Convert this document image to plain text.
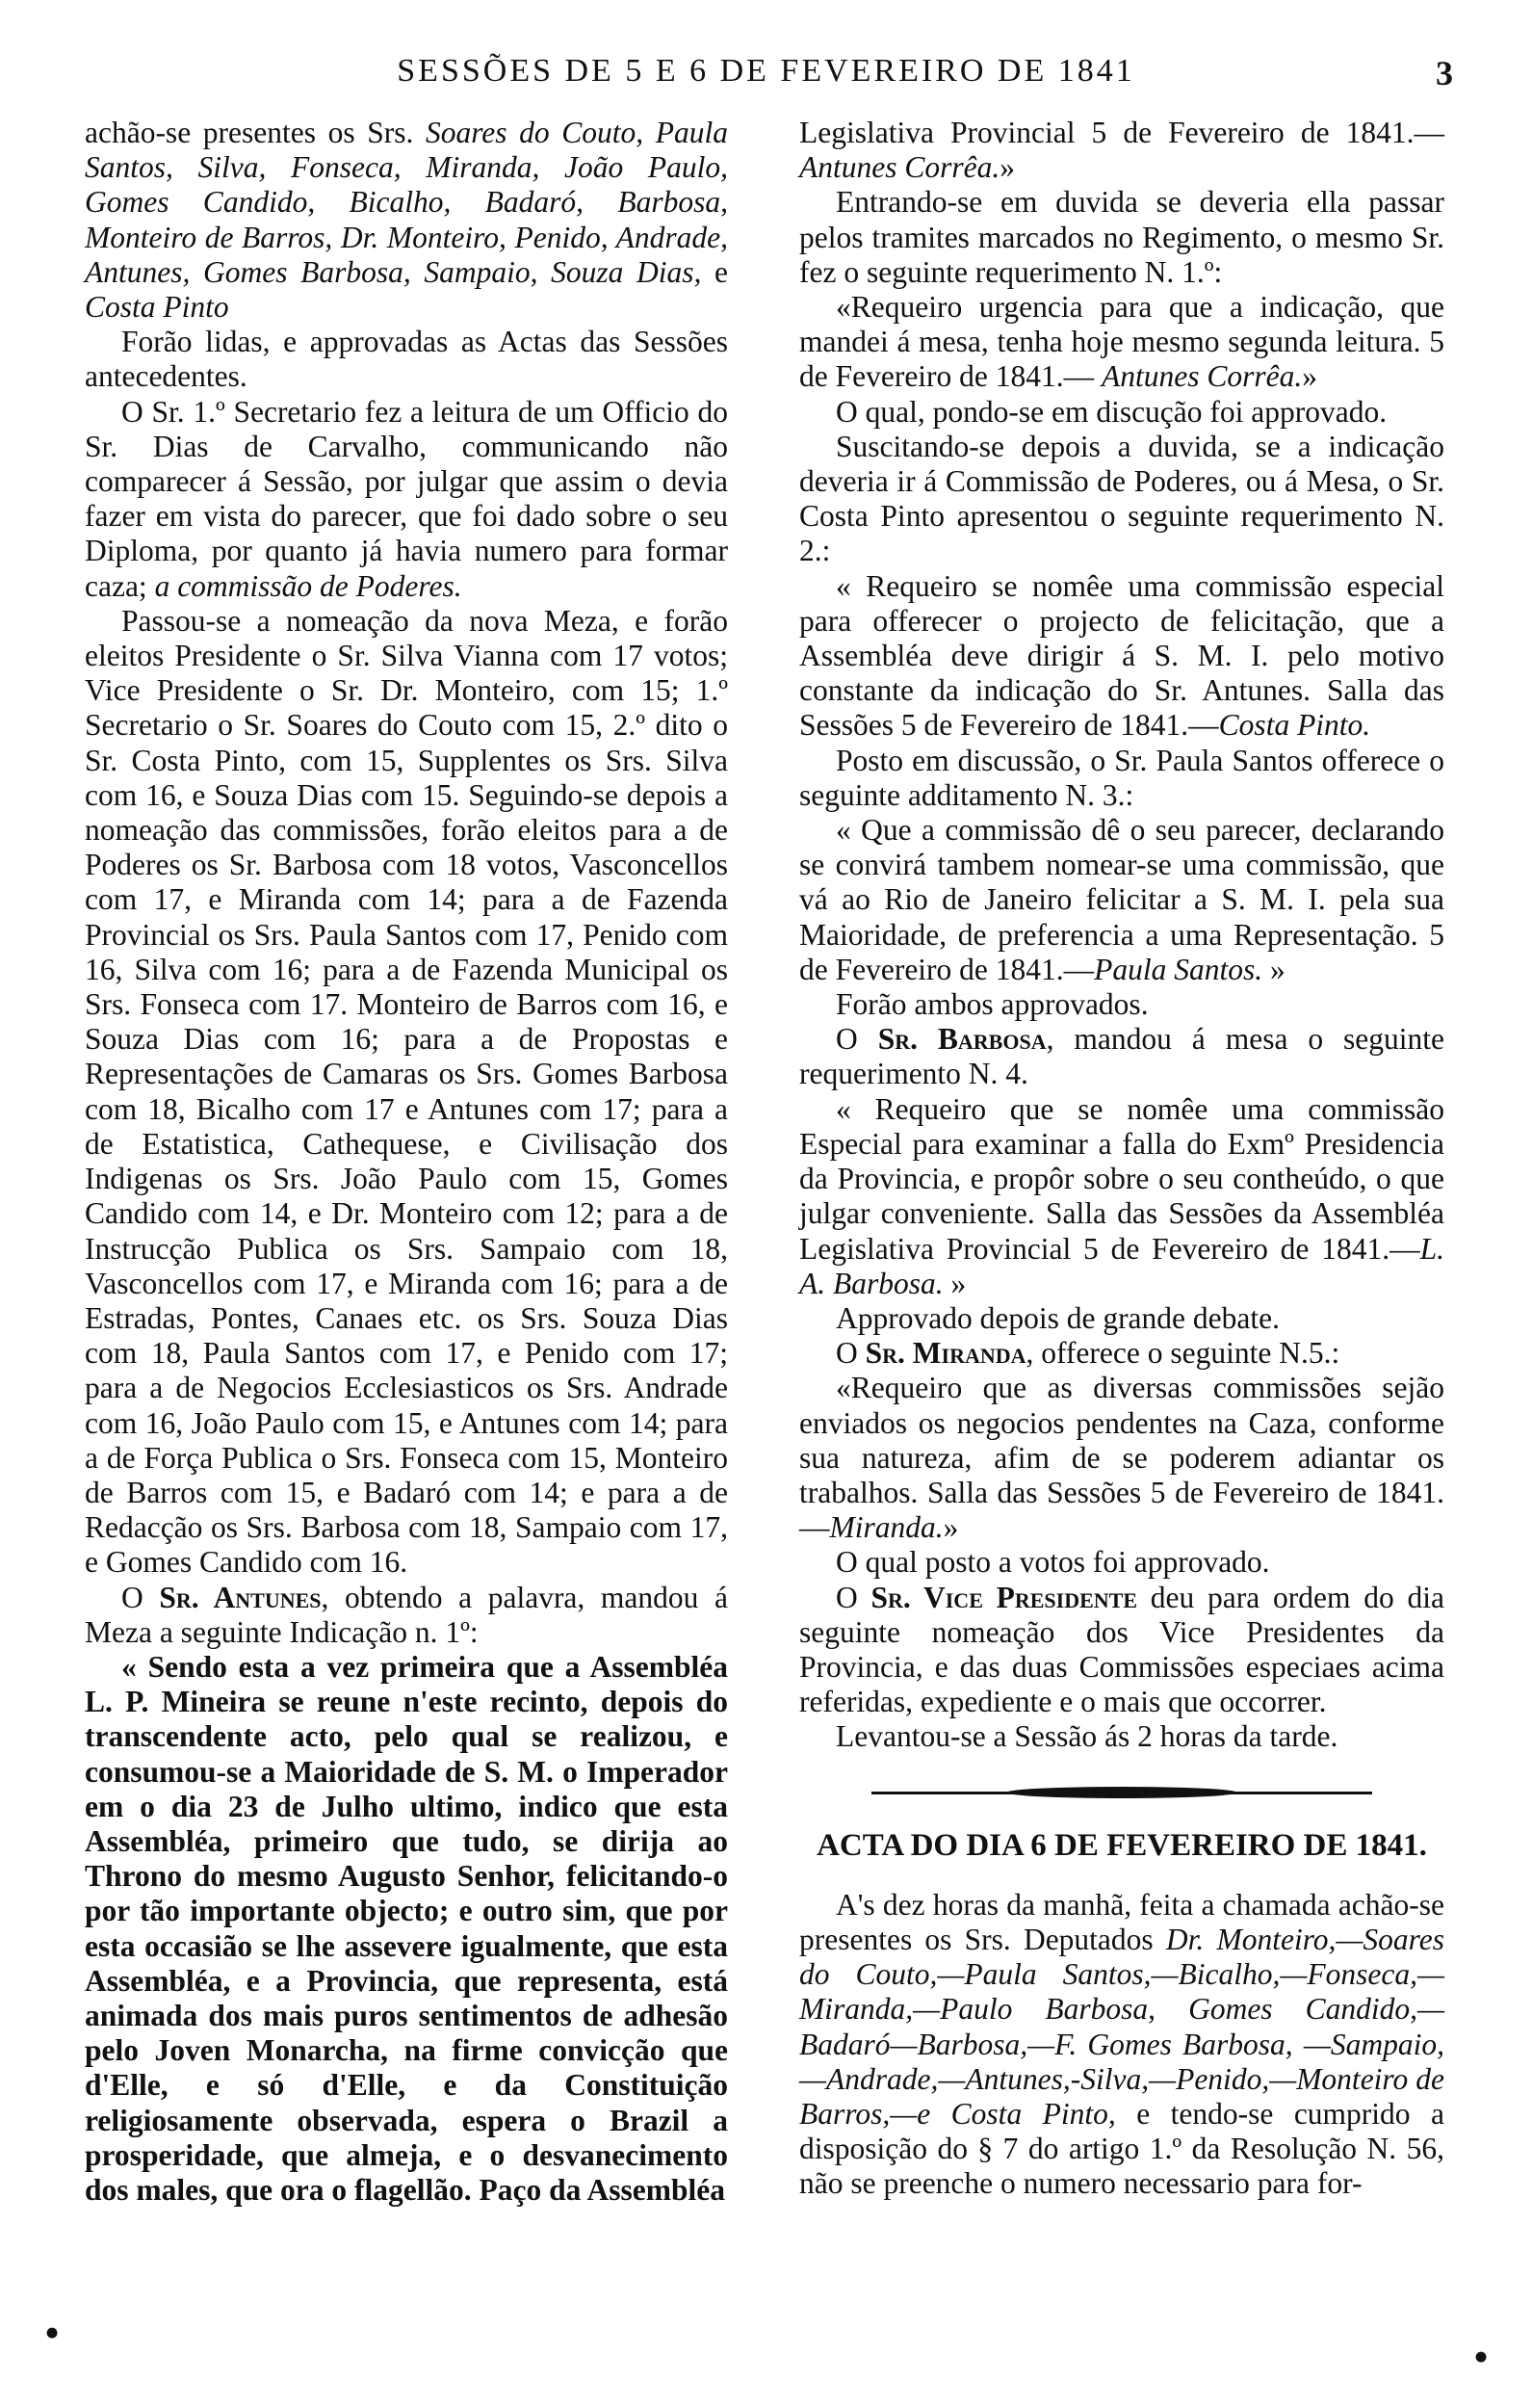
SESSÕES DE 5 E 6 DE FEVEREIRO DE 1841	3

achão-se presentes os Srs. Soares do Couto, Paula Santos, Silva, Fonseca, Miranda, João Paulo, Gomes Candido, Bicalho, Badaró, Barbosa, Monteiro de Barros, Dr. Monteiro, Penido, Andrade, Antunes, Gomes Barbosa, Sampaio, Souza Dias, e Costa Pinto

Forão lidas, e approvadas as Actas das Sessões antecedentes.

O Sr. 1.º Secretario fez a leitura de um Officio do Sr. Dias de Carvalho, communicando não comparecer á Sessão, por julgar que assim o devia fazer em vista do parecer, que foi dado sobre o seu Diploma, por quanto já havia numero para formar caza; a commissão de Poderes.

Passou-se a nomeação da nova Meza, e forão eleitos Presidente o Sr. Silva Vianna com 17 votos; Vice Presidente o Sr. Dr. Monteiro, com 15; 1.º Secretario o Sr. Soares do Couto com 15, 2.º dito o Sr. Costa Pinto, com 15, Supplentes os Srs. Silva com 16, e Souza Dias com 15. Seguindo-se depois a nomeação das commissões, forão eleitos para a de Poderes os Sr. Barbosa com 18 votos, Vasconcellos com 17, e Miranda com 14; para a de Fazenda Provincial os Srs. Paula Santos com 17, Penido com 16, Silva com 16; para a de Fazenda Municipal os Srs. Fonseca com 17. Monteiro de Barros com 16, e Souza Dias com 16; para a de Propostas e Representações de Camaras os Srs. Gomes Barbosa com 18, Bicalho com 17 e Antunes com 17; para a de Estatistica, Cathequese, e Civilisação dos Indigenas os Srs. João Paulo com 15, Gomes Candido com 14, e Dr. Monteiro com 12; para a de Instrucção Publica os Srs. Sampaio com 18, Vasconcellos com 17, e Miranda com 16; para a de Estradas, Pontes, Canaes etc. os Srs. Souza Dias com 18, Paula Santos com 17, e Penido com 17; para a de Negocios Ecclesiasticos os Srs. Andrade com 16, João Paulo com 15, e Antunes com 14; para a de Força Publica o Srs. Fonseca com 15, Monteiro de Barros com 15, e Badaró com 14; e para a de Redacção os Srs. Barbosa com 18, Sampaio com 17, e Gomes Candido com 16.

O Sr. Antunes, obtendo a palavra, mandou á Meza a seguinte Indicação n. 1º:

« Sendo esta a vez primeira que a Assembléa L. P. Mineira se reune n'este recinto, depois do transcendente acto, pelo qual se realizou, e consumou-se a Maioridade de S. M. o Imperador em o dia 23 de Julho ultimo, indico que esta Assembléa, primeiro que tudo, se dirija ao Throno do mesmo Augusto Senhor, felicitando-o por tão importante objecto; e outro sim, que por esta occasião se lhe assevere igualmente, que esta Assembléa, e a Provincia, que representa, está animada dos mais puros sentimentos de adhesão pelo Joven Monarcha, na firme convicção que d'Elle, e só d'Elle, e da Constituição religiosamente observada, espera o Brazil a prosperidade, que almeja, e o desvanecimento dos males, que ora o flagellão. Paço da Assembléa

Legislativa Provincial 5 de Fevereiro de 1841.—Antunes Corrêa.»

Entrando-se em duvida se deveria ella passar pelos tramites marcados no Regimento, o mesmo Sr. fez o seguinte requerimento N. 1.º:

«Requeiro urgencia para que a indicação, que mandei á mesa, tenha hoje mesmo segunda leitura. 5 de Fevereiro de 1841.— Antunes Corrêa.»

O qual, pondo-se em discução foi approvado.

Suscitando-se depois a duvida, se a indicação deveria ir á Commissão de Poderes, ou á Mesa, o Sr. Costa Pinto apresentou o seguinte requerimento N. 2.:

« Requeiro se nomêe uma commissão especial para offerecer o projecto de felicitação, que a Assembléa deve dirigir á S. M. I. pelo motivo constante da indicação do Sr. Antunes. Salla das Sessões 5 de Fevereiro de 1841.—Costa Pinto.

Posto em discussão, o Sr. Paula Santos offerece o seguinte additamento N. 3.:

« Que a commissão dê o seu parecer, declarando se convirá tambem nomear-se uma commissão, que vá ao Rio de Janeiro felicitar a S. M. I. pela sua Maioridade, de preferencia a uma Representação. 5 de Fevereiro de 1841.—Paula Santos. »

Forão ambos approvados.

O Sr. Barbosa, mandou á mesa o seguinte requerimento N. 4.

« Requeiro que se nomêe uma commissão Especial para examinar a falla do Exmº Presidencia da Provincia, e propôr sobre o seu contheúdo, o que julgar conveniente. Salla das Sessões da Assembléa Legislativa Provincial 5 de Fevereiro de 1841.—L. A. Barbosa. »

Approvado depois de grande debate.

O Sr. Miranda, offerece o seguinte N.5.:

«Requeiro que as diversas commissões sejão enviados os negocios pendentes na Caza, conforme sua natureza, afim de se poderem adiantar os trabalhos. Salla das Sessões 5 de Fevereiro de 1841.—Miranda.»

O qual posto a votos foi approvado.

O Sr. Vice Presidente deu para ordem do dia seguinte nomeação dos Vice Presidentes da Provincia, e das duas Commissões especiaes acima referidas, expediente e o mais que occorrer.

Levantou-se a Sessão ás 2 horas da tarde.

ACTA DO DIA 6 DE FEVEREIRO DE 1841.

A's dez horas da manhã, feita a chamada achão-se presentes os Srs. Deputados Dr. Monteiro,—Soares do Couto,—Paula Santos,—Bicalho,—Fonseca,—Miranda,—Paulo Barbosa, Gomes Candido,—Badaró—Barbosa,—F. Gomes Barbosa, —Sampaio,—Andrade,—Antunes,-Silva,—Penido,—Monteiro de Barros,—e Costa Pinto, e tendo-se cumprido a disposição do § 7 do artigo 1.º da Resolução N. 56, não se preenche o numero necessario para for-

•	•
